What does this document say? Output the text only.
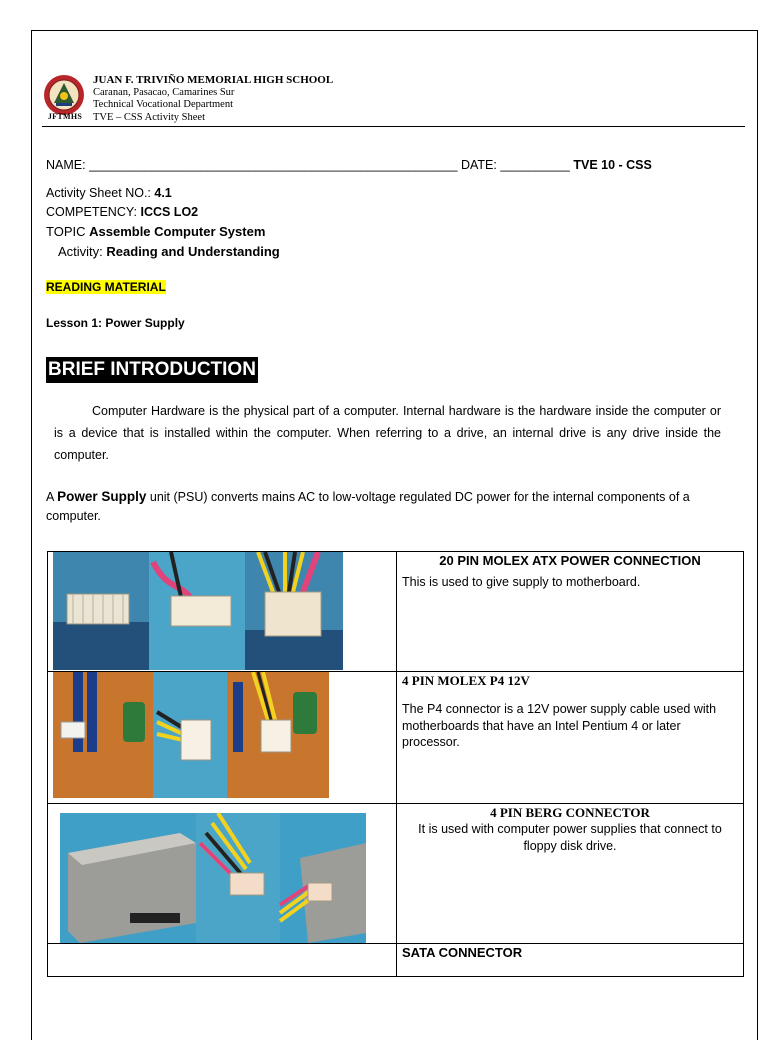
JFTMHS
JUAN F. TRIVIÑO MEMORIAL HIGH SCHOOL
Caranan, Pasacao, Camarines Sur
Technical Vocational Department
TVE – CSS Activity Sheet
NAME: _____________________________________________________ DATE: __________ TVE 10 - CSS
Activity Sheet NO.: 4.1
COMPETENCY: ICCS LO2
TOPIC Assemble Computer System
Activity: Reading and Understanding
READING MATERIAL
Lesson 1: Power Supply
BRIEF INTRODUCTION
Computer Hardware is the physical part of a computer. Internal hardware is the hardware inside the computer or is a device that is installed within the computer. When referring to a drive, an internal drive is any drive inside the computer.
A Power Supply unit (PSU) converts mains AC to low-voltage regulated DC power for the internal components of a computer.

20 PIN MOLEX ATX POWER CONNECTION
This is used to give supply to motherboard.

4 PIN MOLEX P4 12V
The P4 connector is a 12V power supply cable used with motherboards that have an Intel Pentium 4 or later processor.

4 PIN BERG CONNECTOR
It is used with computer power supplies that connect to floppy disk drive.

	SATA CONNECTOR
